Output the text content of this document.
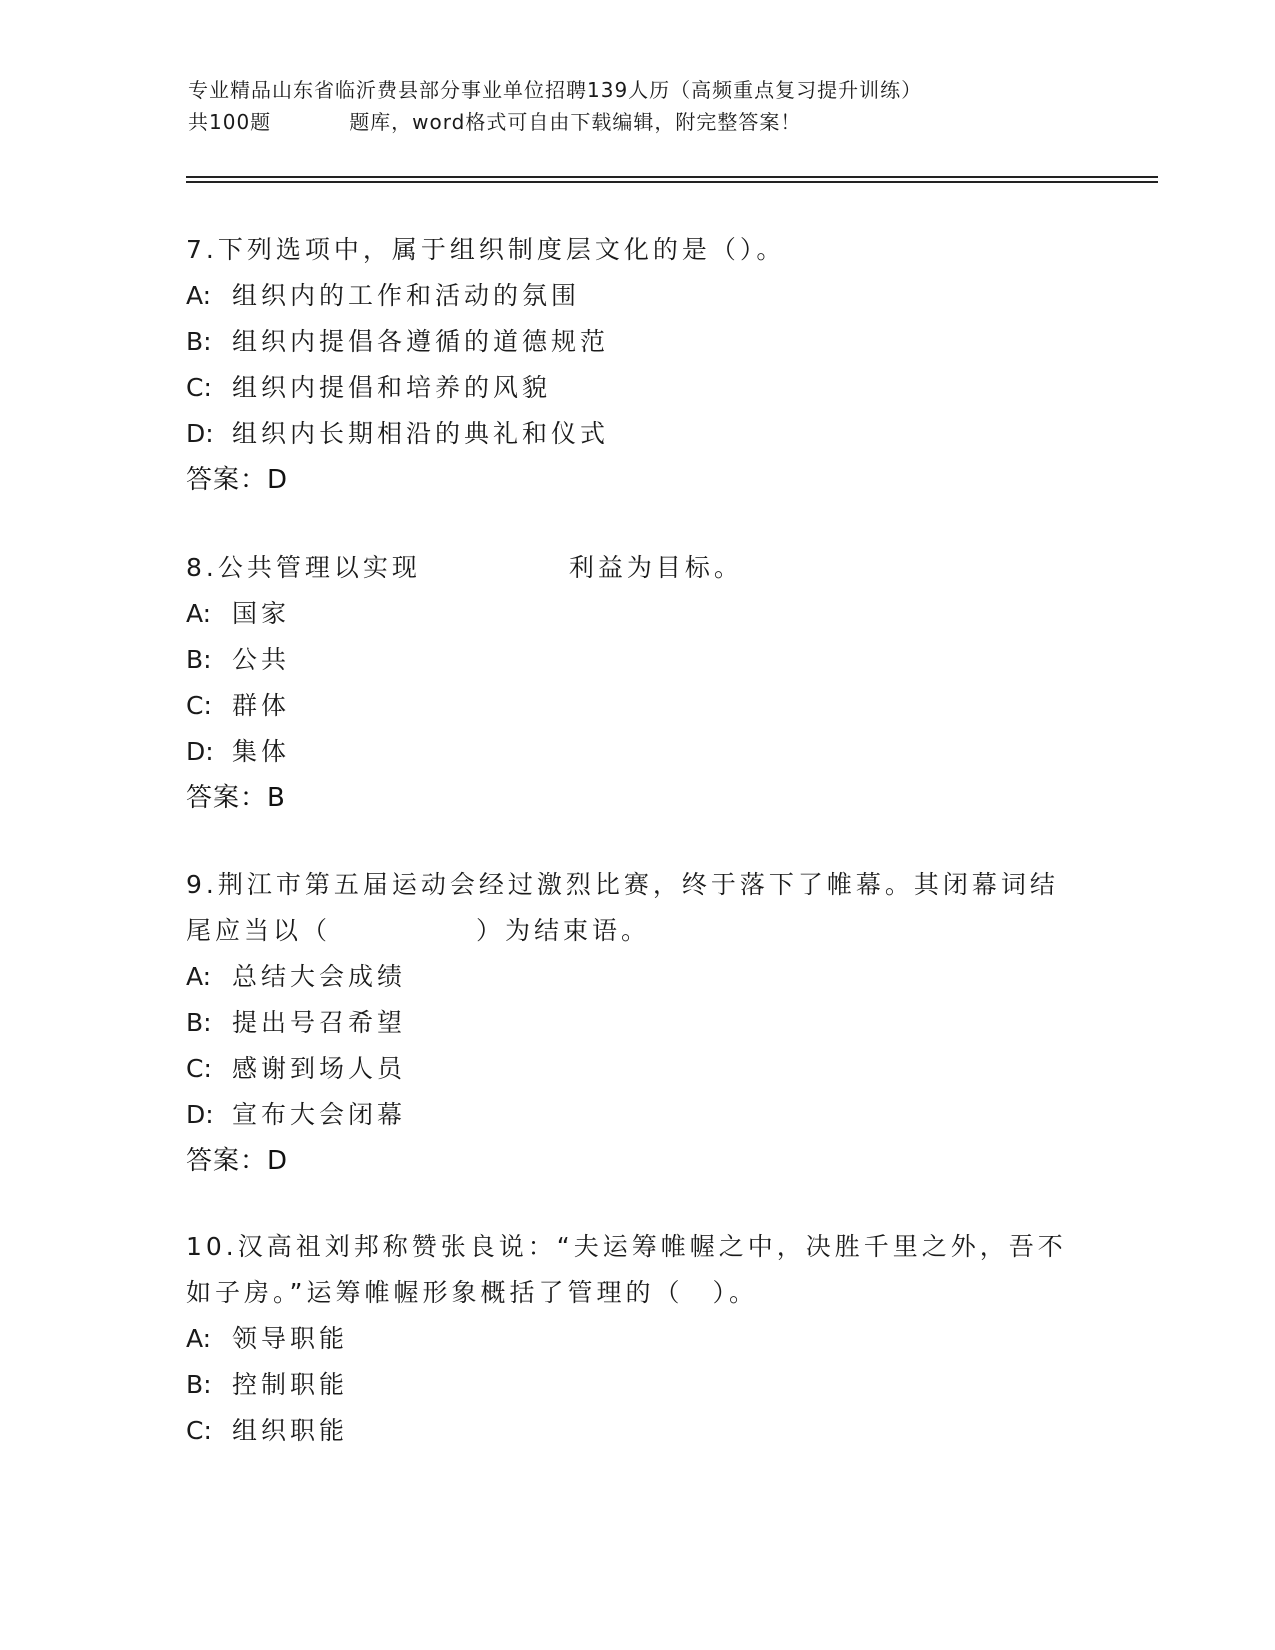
专业精品山东省临沂费县部分事业单位招聘139人历（高频重点复习提升训练）
共100题	题库，word格式可自由下载编辑，附完整答案！

7.下列选项中，属于组织制度层文化的是（）。

A: 组织内的工作和活动的氛围

B: 组织内提倡各遵循的道德规范

C: 组织内提倡和培养的风貌

D: 组织内长期相沿的典礼和仪式

答案：D

8.公共管理以实现	利益为目标。

A: 国家

B: 公共

C: 群体

D: 集体

答案：B

9.荆江市第五届运动会经过激烈比赛，终于落下了帷幕。其闭幕词结

尾应当以（　　　　　）为结束语。

A: 总结大会成绩

B: 提出号召希望

C: 感谢到场人员

D: 宣布大会闭幕

答案：D

10.汉高祖刘邦称赞张良说：“夫运筹帷幄之中，决胜千里之外，吾不

如子房。”运筹帷幄形象概括了管理的（　）。

A: 领导职能

B: 控制职能

C: 组织职能
